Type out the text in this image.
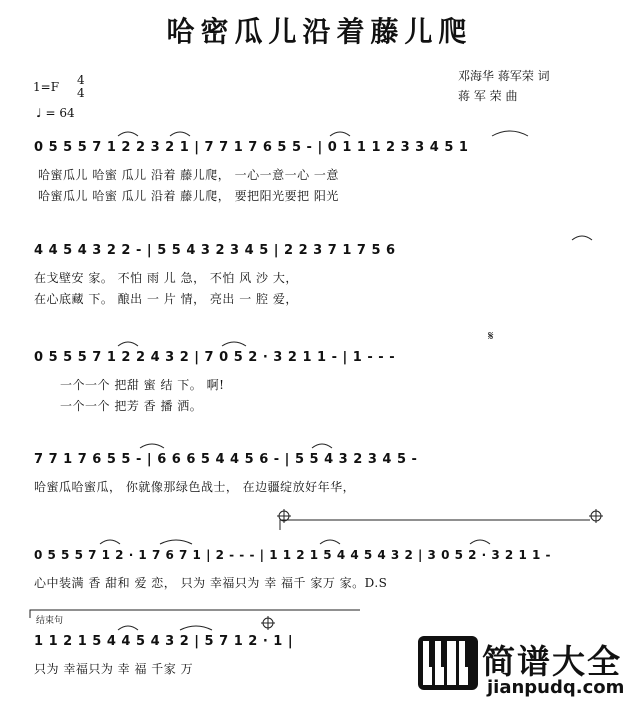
哈密瓜儿沿着藤儿爬
1=F 4
4
♩ = 64
邓海华 蒋军荣 词
蒋 军 荣 曲
0 5 5 5 7 1 2 2 3 2 1 | 7 7 1 7 6 5 5 - | 0 1 1 1 2 3 3 4 5 1
哈蜜瓜儿 哈蜜 瓜儿 沿着 藤儿爬， 一心一意一心 一意
哈蜜瓜儿 哈蜜 瓜儿 沿着 藤儿爬， 要把阳光要把 阳光
4 4 5 4 3 2 2 - | 5 5 4 3 2 3 4 5 | 2 2 3 7 1 7 5 6
在戈壁安 家。 不怕 雨 儿 急， 不怕 风 沙 大，
在心底藏 下。 酿出 一 片 情， 亮出 一 腔 爱，
0 5 5 5 7 1 2 2 4 3 2 | 7 0 5 2 · 3 2 1 1 - | 1 - - -
一个一个 把甜 蜜 结 下。 啊!
一个一个 把芳 香 播 洒。
7 7 1 7 6 5 5 - | 6 6 6 5 4 4 5 6 - | 5 5 4 3 2 3 4 5 -
哈蜜瓜哈蜜瓜， 你就像那绿色战士， 在边疆绽放好年华，
0 5 5 5 7 1 2 · 1 7 6 7 1 | 2 - - - | 1 1 2 1 5 4 4 5 4 3 2 | 3 0 5 2 · 3 2 1 1 -
心中装满 香 甜和 爱 恋， 只为 幸福只为 幸 福千 家万 家。D.S
结束句
1 1 2 1 5 4 4 5 4 3 2 | 5 7 1 2 · 1 |
只为 幸福只为 幸 福 千家 万
𝄋
简谱大全
jianpudq.com
